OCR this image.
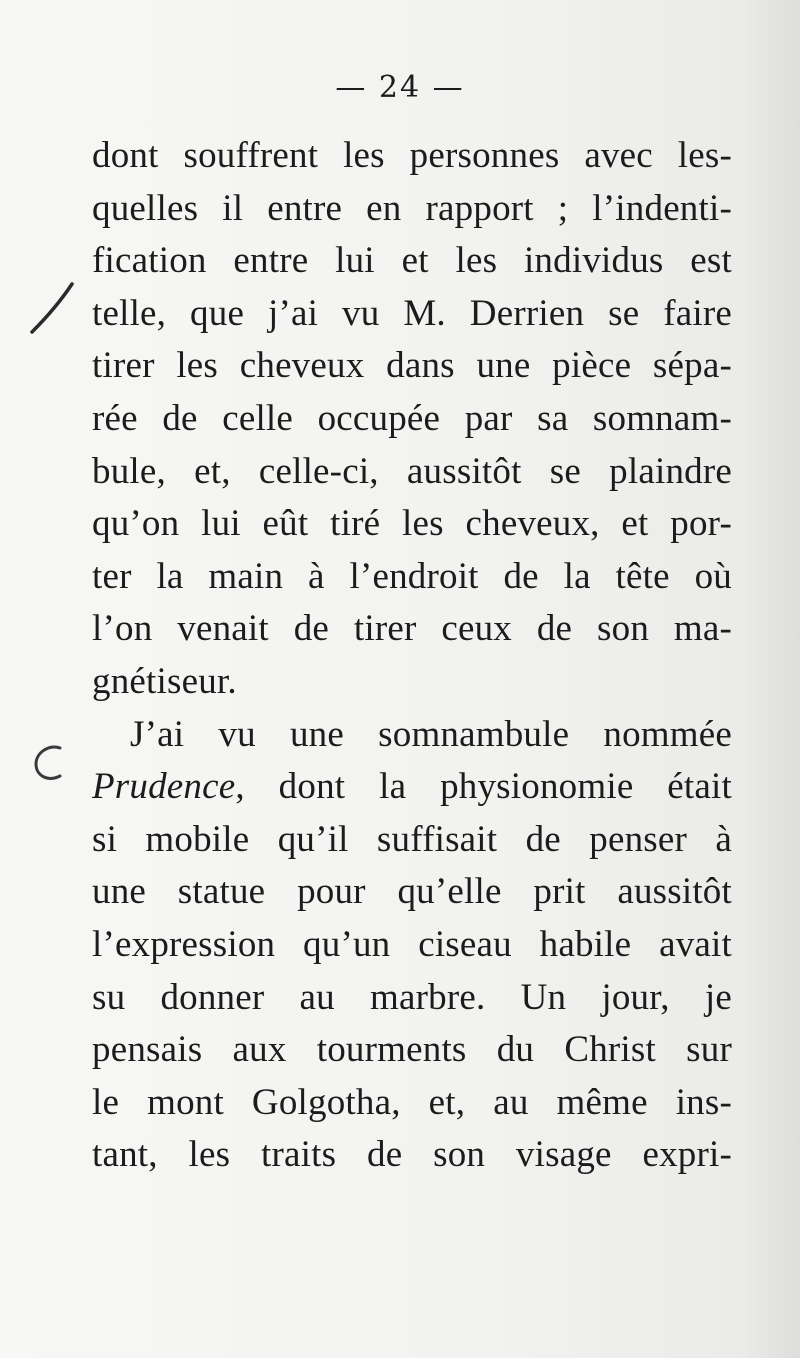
— 24 —
dont souffrent les personnes avec les-
quelles il entre en rapport ; l’indenti-
fication entre lui et les individus est
telle, que j’ai vu M. Derrien se faire
tirer les cheveux dans une pièce sépa-
rée de celle occupée par sa somnam-
bule, et, celle-ci, aussitôt se plaindre
qu’on lui eût tiré les cheveux, et por-
ter la main à l’endroit de la tête où
l’on venait de tirer ceux de son ma-
gnétiseur.
J’ai vu une somnambule nommée
Prudence, dont la physionomie était
si mobile qu’il suffisait de penser à
une statue pour qu’elle prit aussitôt
l’expression qu’un ciseau habile avait
su donner au marbre. Un jour, je
pensais aux tourments du Christ sur
le mont Golgotha, et, au même ins-
tant, les traits de son visage expri-
